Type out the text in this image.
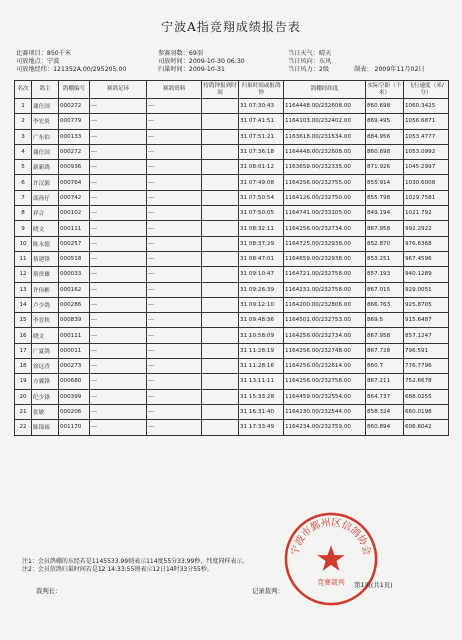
宁波A指竞翔成绩报告表
比赛项目：850千米	参赛羽数：69羽	当日天气：晴天
司放地点：宁波	司放时间：2009-10-30 06:30	当日风向：东风
司放地经纬：121352A.00/295205.00	归巢时间：2009-10-31	当日风力：2级	制表： 2009年11月02日
名次	鸽主	鸽棚编号	赛鸽足环	赛鸽资料	持鸽钟报到时间	归巢时间或报鸽钟	鸽棚经纬度	实际空距（千米）	飞行速度（米/分）
1	谢仕国	000272	---	---		31 07:30:43	1164448.00/232608.00	860.698	1060.3425
2	李宏炎	000779	---	---		31 07:41:51	1164103.00/232402.00	869.495	1056.6871
3	广东伯	000133	---	---		31 07:51:21	1163618.00/231534.00	884.956	1053.4777
4	谢仕国	000272	---	---		31 07:36:18	1164448.00/232608.00	860.698	1053.0992
5	新新鸽	000936	---	---		31 08:01:12	1163659.00/232335.00	871.926	1045.2997
6	许汉源	000764	---	---		31 07:49:08	1164256.00/232755.00	855.914	1030.6008
7	邱孙仔	000742	---	---		31 07:50:54	1164126.00/232750.00	855.798	1029.7581
8	祥合	000102	---	---		31 07:50:05	1164741.00/233105.00	849.194	1021.792
9	晓文	000111	---	---		31 08:32:11	1164256.00/232734.00	867.958	992.2922
10	陈永德	000257	---	---		31 08:37:29	1164725.00/232938.00	852.870	976.6368
11	蔡建锋	000518	---	---		31 08:47:01	1164659.00/232938.00	853.251	967.4596
12	蔡贵雄	000033	---	---		31 09:10:47	1164721.00/232758.00	857.193	940.1289
13	许伟彬	000162	---	---		31 09:26:39	1164231.00/232758.00	867.015	929.0051
14	卢少鸽	000286	---	---		31 09:12:10	1164200.00/232806.00	866.763	925.8705
15	李晋秋	000839	---	---		31 09:48:36	1164501.00/232753.00	869.5	915.6487
16	晓文	000111	---	---		31 10:58:09	1164256.00/232734.00	867.958	857.1247
17	广夏鸽	000011	---	---		31 11:28:19	1164256.00/232748.00	867.728	796.591
18	徐远香	000273	---	---		31 11:28:16	1164256.00/232614.00	860.7	776.7796
19	方翼锋	000680	---	---		31 13:11:11	1164256.00/232758.00	867.211	752.6678
20	纪少锋	000399	---	---		31 15:33:28	1164459.00/232554.00	864.737	688.0255
21	张敏	000206	---	---		31 16:31:40	1164230.00/232544.00	858.324	660.0198
22	陈锦裕	001170	---	---		31 17:33:49	1164234.00/232759.00	860.894	606.6042
注1：会员鸽棚的东经若是1145533.99则表示114度55分33.99秒，纬度同样表示。
注2：会员信鸽归巢时间若是12 14:33:55则表示12日14时33分55秒。
裁判长：	记录裁判：
宁波市鄞州区信鸽协会
竞赛裁判 第1页(共1页)
